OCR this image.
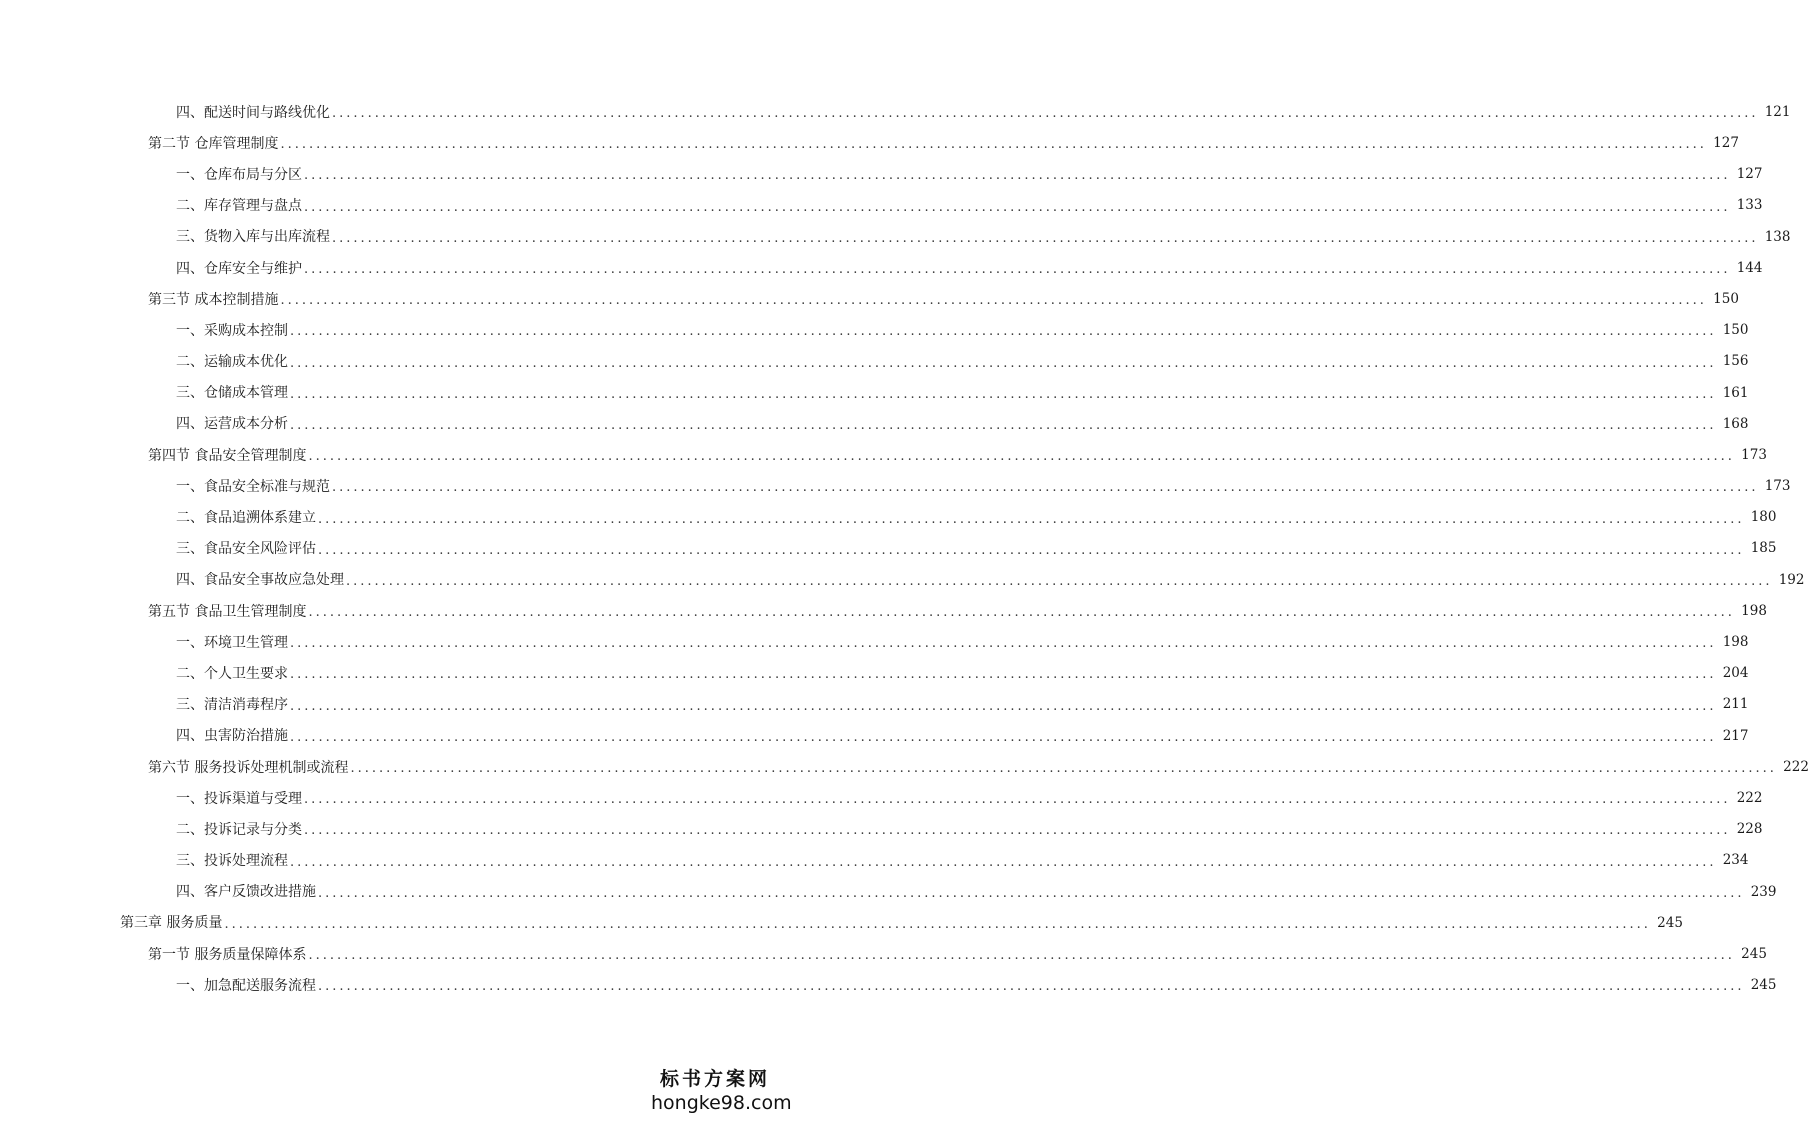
四、配送时间与路线优化 ........................................................................................................................................................................................................ 121
第二节 仓库管理制度 ........................................................................................................................................................................................................ 127
一、仓库布局与分区 ........................................................................................................................................................................................................ 127
二、库存管理与盘点 ........................................................................................................................................................................................................ 133
三、货物入库与出库流程 ........................................................................................................................................................................................................ 138
四、仓库安全与维护 ........................................................................................................................................................................................................ 144
第三节 成本控制措施 ........................................................................................................................................................................................................ 150
一、采购成本控制 ........................................................................................................................................................................................................ 150
二、运输成本优化 ........................................................................................................................................................................................................ 156
三、仓储成本管理 ........................................................................................................................................................................................................ 161
四、运营成本分析 ........................................................................................................................................................................................................ 168
第四节 食品安全管理制度 ........................................................................................................................................................................................................ 173
一、食品安全标准与规范 ........................................................................................................................................................................................................ 173
二、食品追溯体系建立 ........................................................................................................................................................................................................ 180
三、食品安全风险评估 ........................................................................................................................................................................................................ 185
四、食品安全事故应急处理 ........................................................................................................................................................................................................ 192
第五节 食品卫生管理制度 ........................................................................................................................................................................................................ 198
一、环境卫生管理 ........................................................................................................................................................................................................ 198
二、个人卫生要求 ........................................................................................................................................................................................................ 204
三、清洁消毒程序 ........................................................................................................................................................................................................ 211
四、虫害防治措施 ........................................................................................................................................................................................................ 217
第六节 服务投诉处理机制或流程 ........................................................................................................................................................................................................ 222
一、投诉渠道与受理 ........................................................................................................................................................................................................ 222
二、投诉记录与分类 ........................................................................................................................................................................................................ 228
三、投诉处理流程 ........................................................................................................................................................................................................ 234
四、客户反馈改进措施 ........................................................................................................................................................................................................ 239
第三章 服务质量 ........................................................................................................................................................................................................ 245
第一节 服务质量保障体系 ........................................................................................................................................................................................................ 245
一、加急配送服务流程 ........................................................................................................................................................................................................ 245
标书方案网
hongke98.com
